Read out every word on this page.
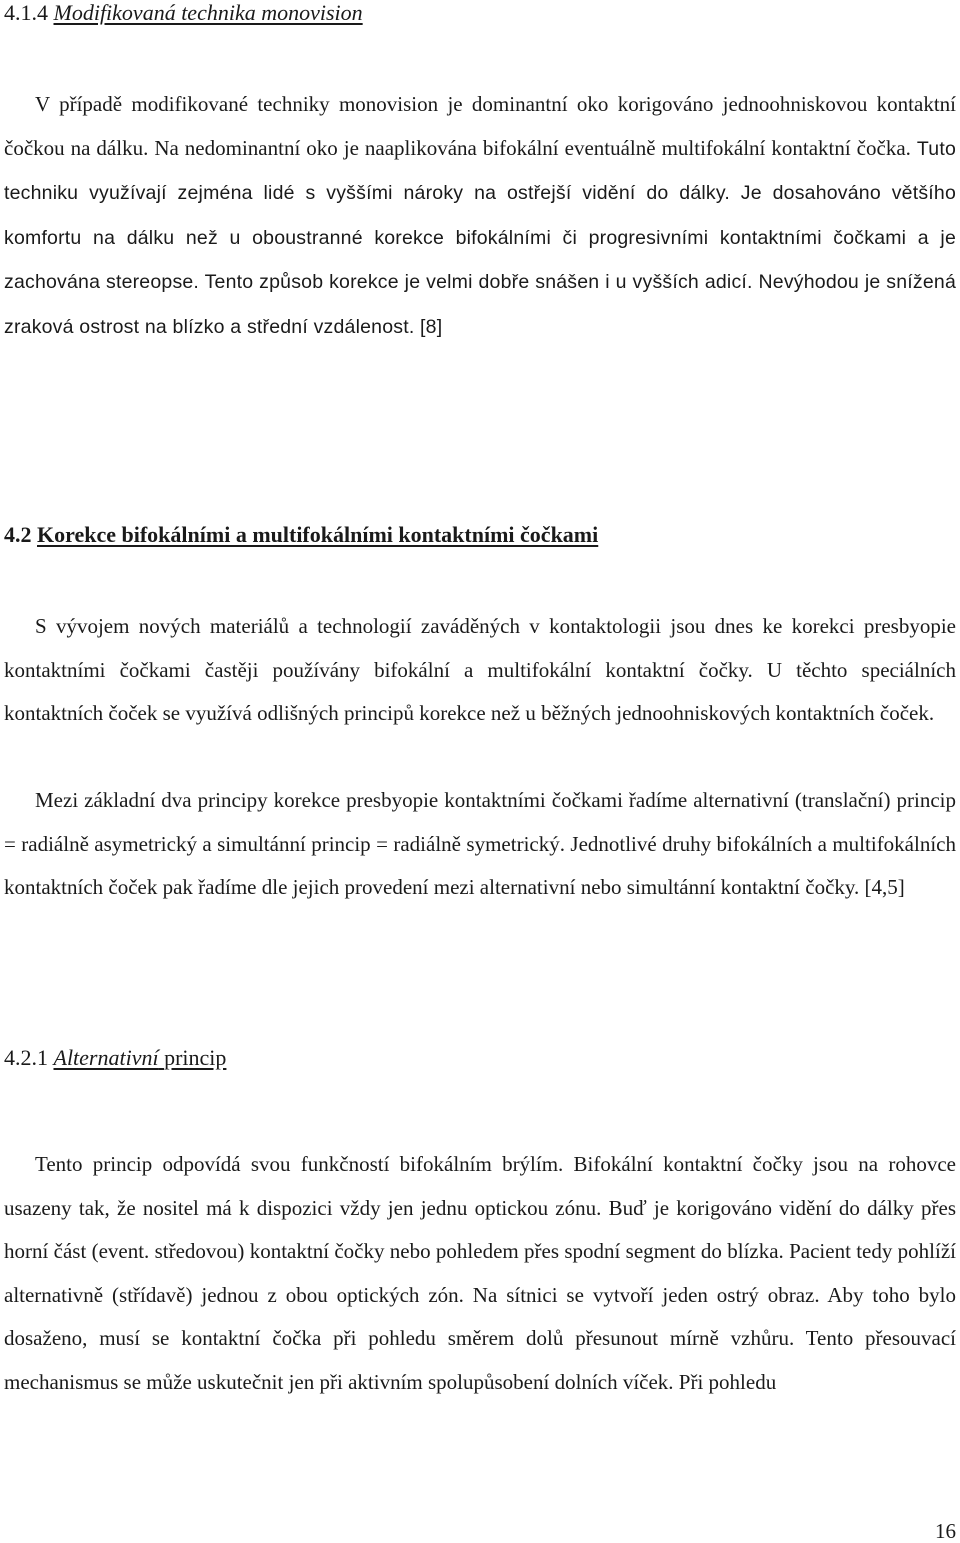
4.1.4 Modifikovaná technika monovision

V případě modifikované techniky monovision je dominantní oko korigováno jednoohniskovou kontaktní čočkou na dálku. Na nedominantní oko je naaplikována bifokální eventuálně multifokální kontaktní čočka. Tuto techniku využívají zejména lidé s vyššími nároky na ostřejší vidění do dálky. Je dosahováno většího komfortu na dálku než u oboustranné korekce bifokálními či progresivními kontaktními čočkami a je zachována stereopse. Tento způsob korekce je velmi dobře snášen i u vyšších adicí. Nevýhodou je snížená zraková ostrost na blízko a střední vzdálenost. [8]

4.2 Korekce bifokálními a multifokálními kontaktními čočkami

S vývojem nových materiálů a technologií zaváděných v kontaktologii jsou dnes ke korekci presbyopie kontaktními čočkami častěji používány bifokální a multifokální kontaktní čočky. U těchto speciálních kontaktních čoček se využívá odlišných principů korekce než u běžných jednoohniskových kontaktních čoček.

Mezi základní dva principy korekce presbyopie kontaktními čočkami řadíme alternativní (translační) princip = radiálně asymetrický a simultánní princip = radiálně symetrický. Jednotlivé druhy bifokálních a multifokálních kontaktních čoček pak řadíme dle jejich provedení mezi alternativní nebo simultánní kontaktní čočky. [4,5]

4.2.1 Alternativní princip

Tento princip odpovídá svou funkčností bifokálním brýlím. Bifokální kontaktní čočky jsou na rohovce usazeny tak, že nositel má k dispozici vždy jen jednu optickou zónu. Buď je korigováno vidění do dálky přes horní část (event. středovou) kontaktní čočky nebo pohledem přes spodní segment do blízka. Pacient tedy pohlíží alternativně (střídavě) jednou z obou optických zón. Na sítnici se vytvoří jeden ostrý obraz. Aby toho bylo dosaženo, musí se kontaktní čočka při pohledu směrem dolů přesunout mírně vzhůru. Tento přesouvací mechanismus se může uskutečnit jen při aktivním spolupůsobení dolních víček. Při pohledu

16
